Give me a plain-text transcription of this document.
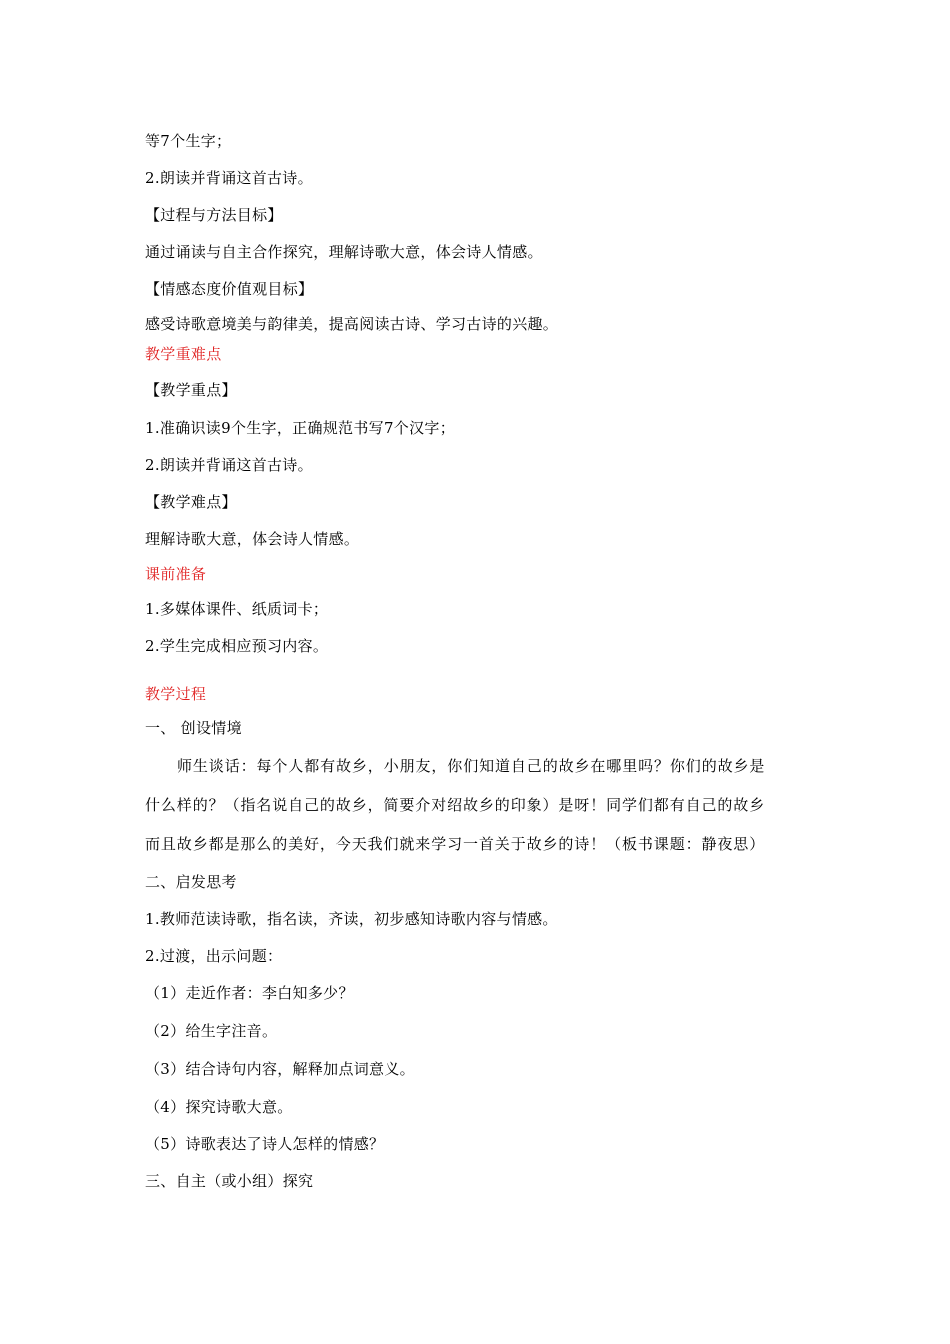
等7个生字；
2.朗读并背诵这首古诗。
【过程与方法目标】
通过诵读与自主合作探究，理解诗歌大意，体会诗人情感。
【情感态度价值观目标】
感受诗歌意境美与韵律美，提高阅读古诗、学习古诗的兴趣。
教学重难点
【教学重点】
1.准确识读9个生字，正确规范书写7个汉字；
2.朗读并背诵这首古诗。
【教学难点】
理解诗歌大意，体会诗人情感。
课前准备
1.多媒体课件、纸质词卡；
2.学生完成相应预习内容。
教学过程
一、 创设情境
师生谈话：每个人都有故乡，小朋友，你们知道自己的故乡在哪里吗？你们的故乡是
什么样的？（指名说自己的故乡，简要介对绍故乡的印象）是呀！同学们都有自己的故乡
而且故乡都是那么的美好，今天我们就来学习一首关于故乡的诗！（板书课题：静夜思）
二、启发思考
1.教师范读诗歌，指名读，齐读，初步感知诗歌内容与情感。
2.过渡，出示问题：
（1）走近作者：李白知多少？
（2）给生字注音。
（3）结合诗句内容，解释加点词意义。
（4）探究诗歌大意。
（5）诗歌表达了诗人怎样的情感？
三、自主（或小组）探究
